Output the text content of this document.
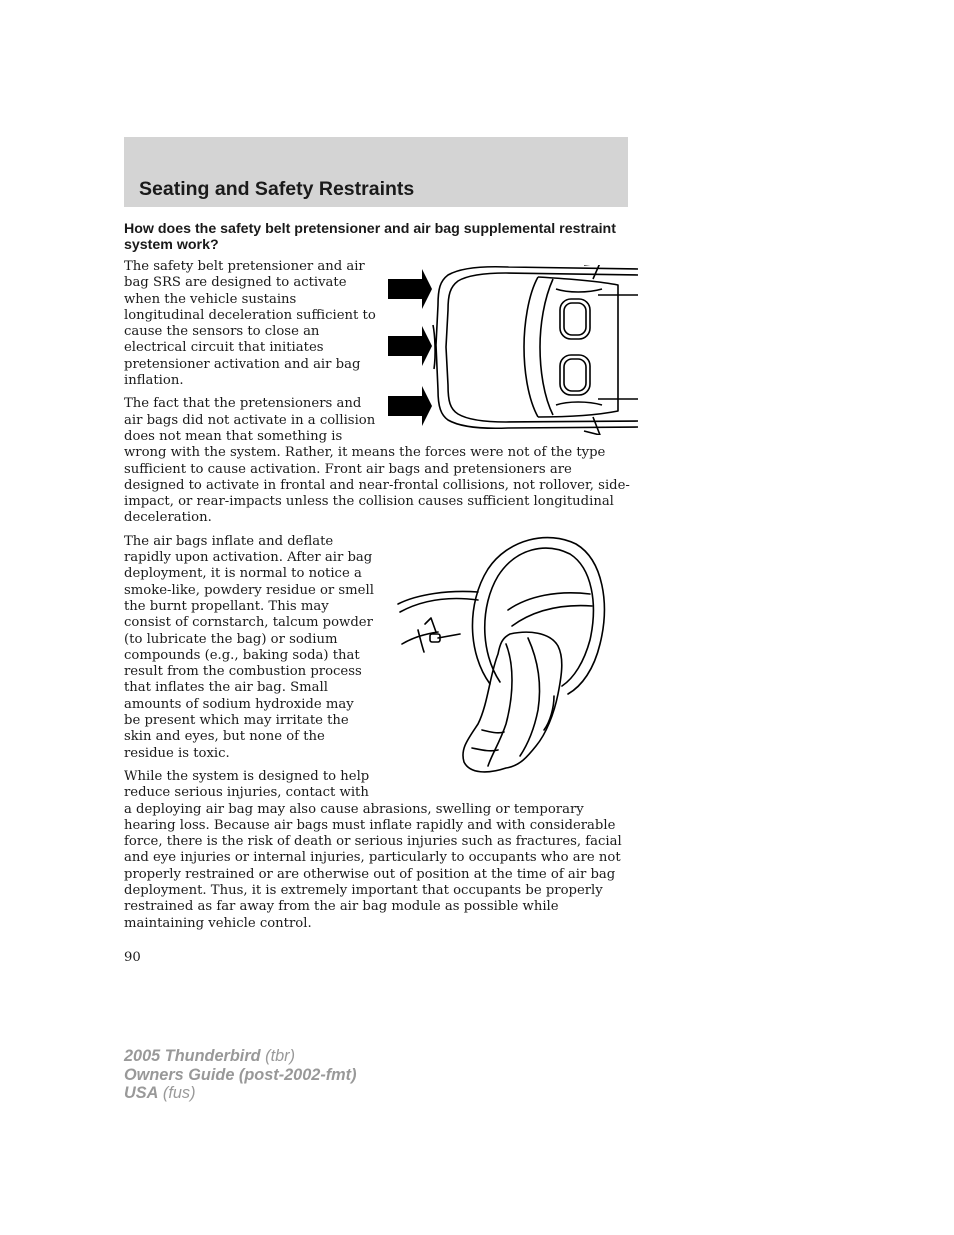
Seating and Safety Restraints

How does the safety belt pretensioner and air bag supplemental restraint system work?

The safety belt pretensioner and air bag SRS are designed to activate when the vehicle sustains longitudinal deceleration sufficient to cause the sensors to close an electrical circuit that initiates pretensioner activation and air bag inflation.

The fact that the pretensioners and air bags did not activate in a collision does not mean that something is wrong with the system. Rather, it means the forces were not of the type sufficient to cause activation. Front air bags and pretensioners are designed to activate in frontal and near-frontal collisions, not rollover, side-impact, or rear-impacts unless the collision causes sufficient longitudinal deceleration.

The air bags inflate and deflate rapidly upon activation. After air bag deployment, it is normal to notice a smoke-like, powdery residue or smell the burnt propellant. This may consist of cornstarch, talcum powder (to lubricate the bag) or sodium compounds (e.g., baking soda) that result from the combustion process that inflates the air bag. Small amounts of sodium hydroxide may be present which may irritate the skin and eyes, but none of the residue is toxic.

While the system is designed to help reduce serious injuries, contact with a deploying air bag may also cause abrasions, swelling or temporary hearing loss. Because air bags must inflate rapidly and with considerable force, there is the risk of death or serious injuries such as fractures, facial and eye injuries or internal injuries, particularly to occupants who are not properly restrained or are otherwise out of position at the time of air bag deployment. Thus, it is extremely important that occupants be properly restrained as far away from the air bag module as possible while maintaining vehicle control.

90
2005 Thunderbird (tbr)
Owners Guide (post-2002-fmt)
USA (fus)
